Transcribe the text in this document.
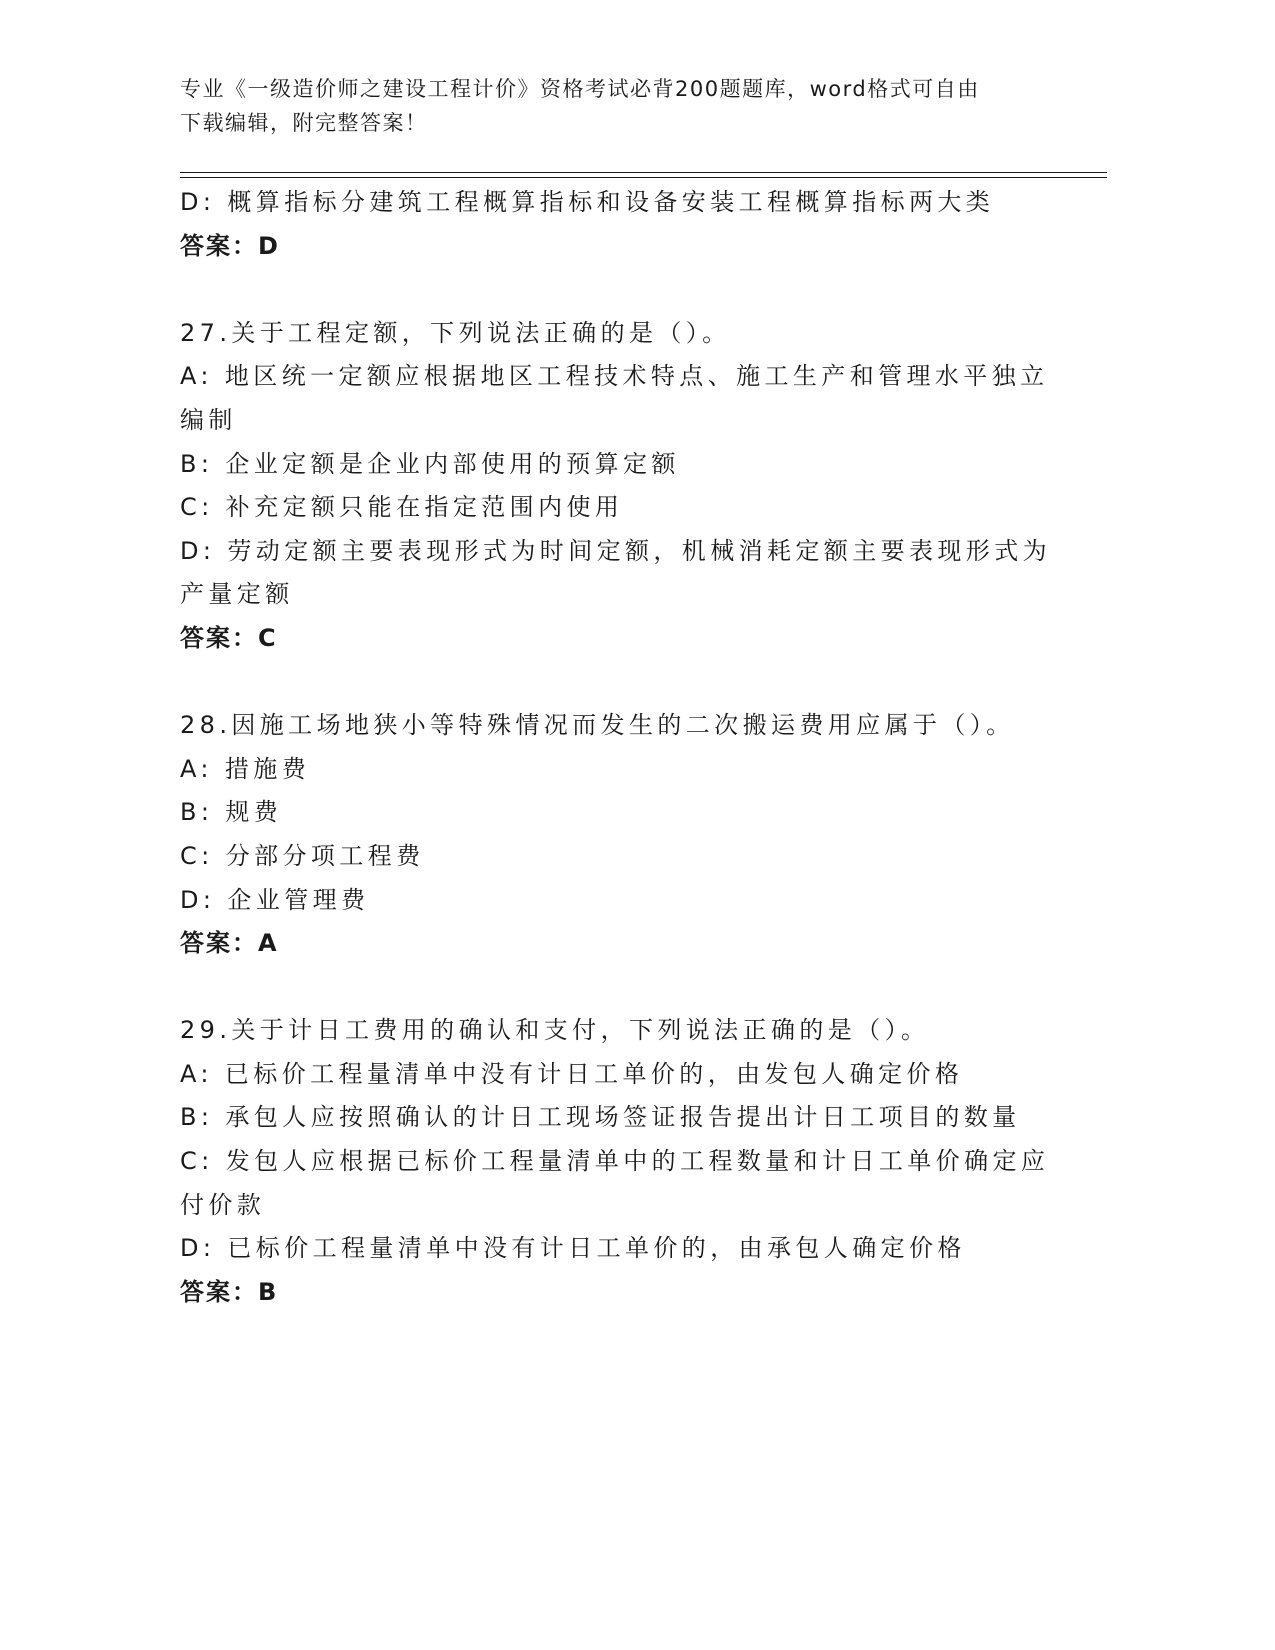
专业《一级造价师之建设工程计价》资格考试必背200题题库，word格式可自由
下载编辑，附完整答案！
D: 概算指标分建筑工程概算指标和设备安装工程概算指标两大类
答案：D
27.关于工程定额，下列说法正确的是（）。
A: 地区统一定额应根据地区工程技术特点、施工生产和管理水平独立
编制
B: 企业定额是企业内部使用的预算定额
C: 补充定额只能在指定范围内使用
D: 劳动定额主要表现形式为时间定额，机械消耗定额主要表现形式为
产量定额
答案：C
28.因施工场地狭小等特殊情况而发生的二次搬运费用应属于（）。
A: 措施费
B: 规费
C: 分部分项工程费
D: 企业管理费
答案：A
29.关于计日工费用的确认和支付，下列说法正确的是（）。
A: 已标价工程量清单中没有计日工单价的，由发包人确定价格
B: 承包人应按照确认的计日工现场签证报告提出计日工项目的数量
C: 发包人应根据已标价工程量清单中的工程数量和计日工单价确定应
付价款
D: 已标价工程量清单中没有计日工单价的，由承包人确定价格
答案：B
